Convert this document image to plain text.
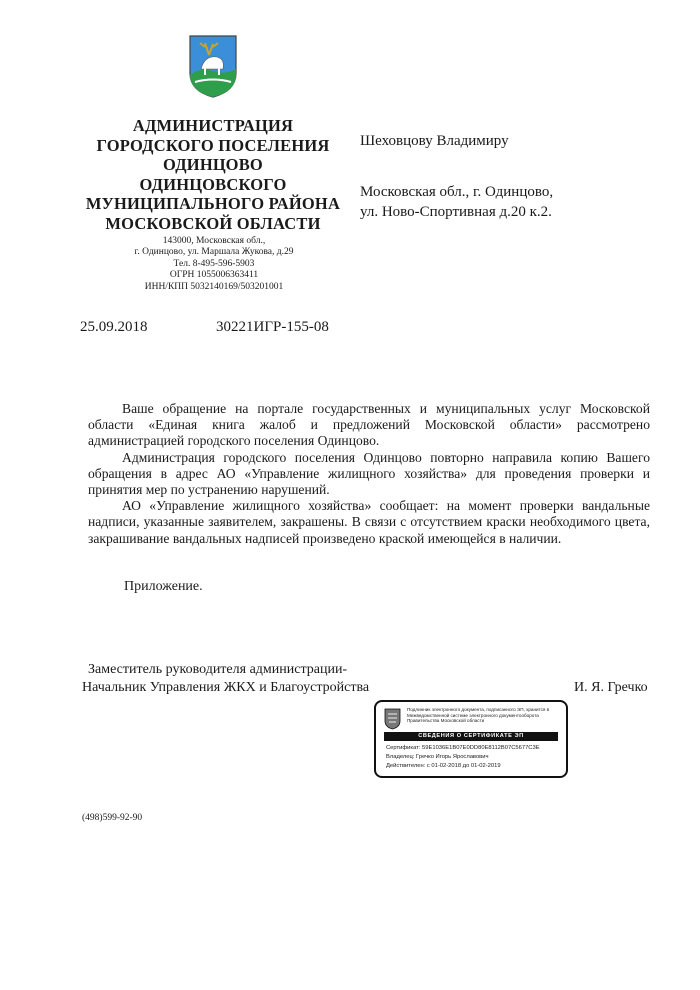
АДМИНИСТРАЦИЯ
ГОРОДСКОГО ПОСЕЛЕНИЯ
ОДИНЦОВО
ОДИНЦОВСКОГО
МУНИЦИПАЛЬНОГО РАЙОНА
МОСКОВСКОЙ ОБЛАСТИ
143000, Московская обл.,
г. Одинцово, ул. Маршала Жукова, д.29
Тел. 8-495-596-5903
ОГРН 1055006363411
ИНН/КПП 5032140169/503201001
Шеховцову Владимиру
Московская обл., г. Одинцово,
ул. Ново-Спортивная д.20 к.2.
25.09.2018	30221ИГР-155-08

Ваше обращение на портале государственных и муниципальных услуг Московской области «Единая книга жалоб и предложений Московской области» рассмотрено администрацией городского поселения Одинцово.

Администрация городского поселения Одинцово повторно направила копию Вашего обращения в адрес АО «Управление жилищного хозяйства» для проведения проверки и принятия мер по устранению нарушений.

АО «Управление жилищного хозяйства» сообщает: на момент проверки вандальные надписи, указанные заявителем, закрашены. В связи с отсутствием краски необходимого цвета, закрашивание вандальных надписей произведено краской имеющейся в наличии.

Приложение.
Заместитель руководителя администрации-
Начальник Управления ЖКХ и Благоустройства	И. Я. Гречко
Подлинник электронного документа, подписанного ЭП, хранится в Межведомственной системе электронного документооборота Правительства Московской области
СВЕДЕНИЯ О СЕРТИФИКАТЕ ЭП
Сертификат: 59E1036E1B07E0DD80E8112B07C5677C3E
Владелец: Гречко Игорь Ярославович
Действителен: с 01-02-2018 до 01-02-2019
(498)599-92-90
